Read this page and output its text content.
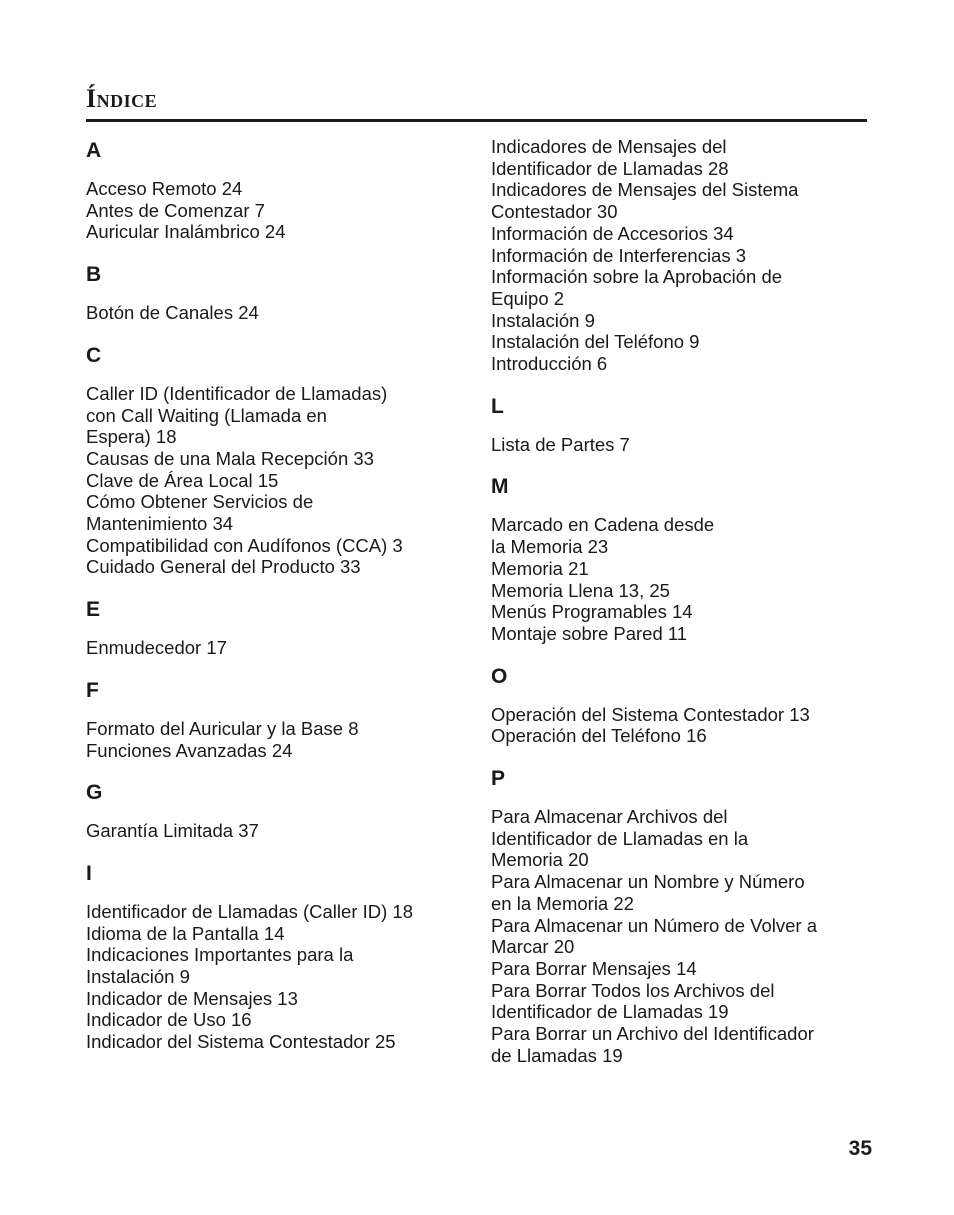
Índice
A
Acceso Remoto 24
Antes de Comenzar 7
Auricular Inalámbrico 24
B
Botón de Canales 24
C
Caller ID (Identificador de Llamadas)
con Call Waiting (Llamada en
Espera) 18
Causas de una Mala Recepción 33
Clave de Área Local 15
Cómo Obtener Servicios de
Mantenimiento 34
Compatibilidad con Audífonos (CCA) 3
Cuidado General del Producto 33
E
Enmudecedor 17
F
Formato del Auricular y la Base 8
Funciones Avanzadas 24
G
Garantía Limitada 37
I
Identificador de Llamadas (Caller ID) 18
Idioma de la Pantalla 14
Indicaciones Importantes para la
Instalación 9
Indicador de Mensajes 13
Indicador de Uso 16
Indicador del Sistema Contestador 25
Indicadores de Mensajes del
Identificador de Llamadas 28
Indicadores de Mensajes del Sistema
Contestador 30
Información de Accesorios 34
Información de Interferencias 3
Información sobre la Aprobación de
Equipo 2
Instalación 9
Instalación del Teléfono 9
Introducción 6
L
Lista de Partes 7
M
Marcado en Cadena desde
la Memoria 23
Memoria 21
Memoria Llena 13, 25
Menús Programables 14
Montaje sobre Pared 11
O
Operación del Sistema Contestador 13
Operación del Teléfono 16
P
Para Almacenar Archivos del
Identificador de Llamadas en la
Memoria 20
Para Almacenar un Nombre y Número
en la Memoria 22
Para Almacenar un Número de Volver a
Marcar 20
Para Borrar Mensajes 14
Para Borrar Todos los Archivos del
Identificador de Llamadas 19
Para Borrar un Archivo del Identificador
de Llamadas 19
35
